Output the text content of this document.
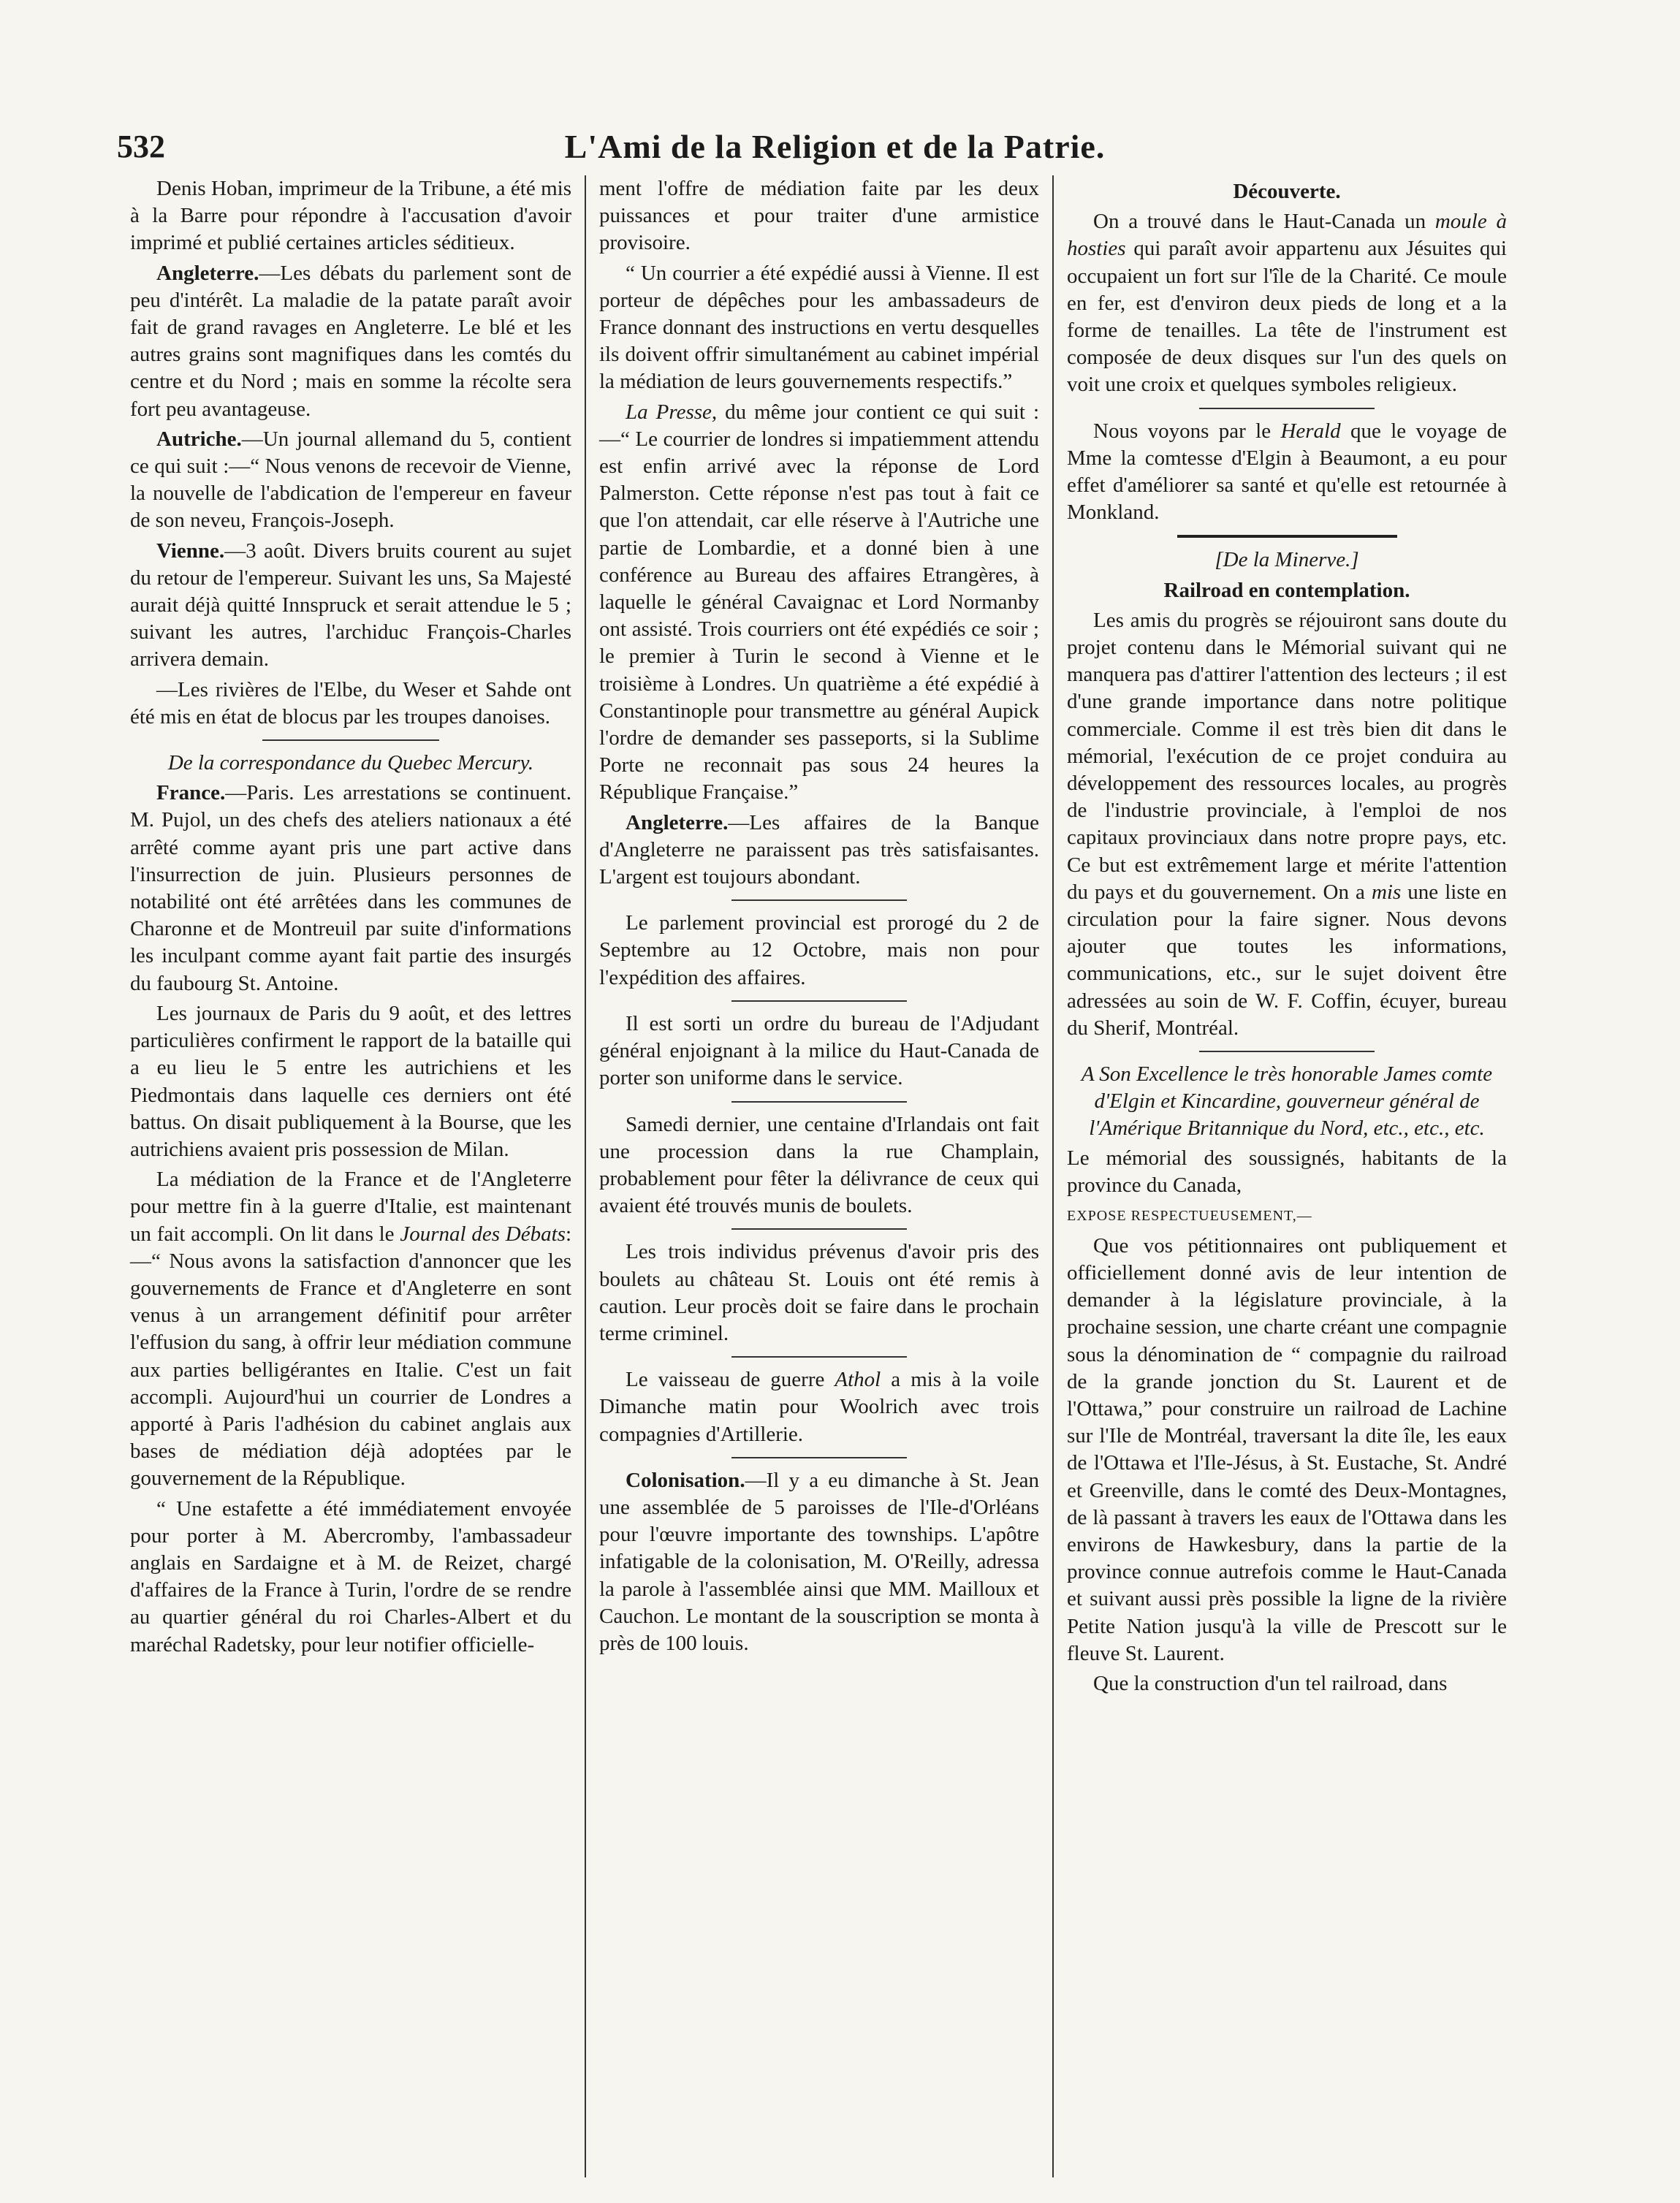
532	L'Ami de la Religion et de la Patrie.

Denis Hoban, imprimeur de la Tribune, a été mis à la Barre pour répondre à l'accusation d'avoir imprimé et publié certaines articles séditieux.

Angleterre.—Les débats du parlement sont de peu d'intérêt. La maladie de la patate paraît avoir fait de grand ravages en Angleterre. Le blé et les autres grains sont magnifiques dans les comtés du centre et du Nord ; mais en somme la récolte sera fort peu avantageuse.

Autriche.—Un journal allemand du 5, contient ce qui suit :—“ Nous venons de recevoir de Vienne, la nouvelle de l'abdication de l'empereur en faveur de son neveu, François-Joseph.

Vienne.—3 août. Divers bruits courent au sujet du retour de l'empereur. Suivant les uns, Sa Majesté aurait déjà quitté Innspruck et serait attendue le 5 ; suivant les autres, l'archiduc François-Charles arrivera demain.

—Les rivières de l'Elbe, du Weser et Sahde ont été mis en état de blocus par les troupes danoises.

De la correspondance du Quebec Mercury.

France.—Paris. Les arrestations se continuent. M. Pujol, un des chefs des ateliers nationaux a été arrêté comme ayant pris une part active dans l'insurrection de juin. Plusieurs personnes de notabilité ont été arrêtées dans les communes de Charonne et de Montreuil par suite d'informations les inculpant comme ayant fait partie des insurgés du faubourg St. Antoine.

Les journaux de Paris du 9 août, et des lettres particulières confirment le rapport de la bataille qui a eu lieu le 5 entre les autrichiens et les Piedmontais dans laquelle ces derniers ont été battus. On disait publiquement à la Bourse, que les autrichiens avaient pris possession de Milan.

La médiation de la France et de l'Angleterre pour mettre fin à la guerre d'Italie, est maintenant un fait accompli. On lit dans le Journal des Débats:—“ Nous avons la satisfaction d'annoncer que les gouvernements de France et d'Angleterre en sont venus à un arrangement définitif pour arrêter l'effusion du sang, à offrir leur médiation commune aux parties belligérantes en Italie. C'est un fait accompli. Aujourd'hui un courrier de Londres a apporté à Paris l'adhésion du cabinet anglais aux bases de médiation déjà adoptées par le gouvernement de la République.

“ Une estafette a été immédiatement envoyée pour porter à M. Abercromby, l'ambassadeur anglais en Sardaigne et à M. de Reizet, chargé d'affaires de la France à Turin, l'ordre de se rendre au quartier général du roi Charles-Albert et du maréchal Radetsky, pour leur notifier officielle-

ment l'offre de médiation faite par les deux puissances et pour traiter d'une armistice provisoire.

“ Un courrier a été expédié aussi à Vienne. Il est porteur de dépêches pour les ambassadeurs de France donnant des instructions en vertu desquelles ils doivent offrir simultanément au cabinet impérial la médiation de leurs gouvernements respectifs.”

La Presse, du même jour contient ce qui suit :—“ Le courrier de londres si impatiemment attendu est enfin arrivé avec la réponse de Lord Palmerston. Cette réponse n'est pas tout à fait ce que l'on attendait, car elle réserve à l'Autriche une partie de Lombardie, et a donné bien à une conférence au Bureau des affaires Etrangères, à laquelle le général Cavaignac et Lord Normanby ont assisté. Trois courriers ont été expédiés ce soir ; le premier à Turin le second à Vienne et le troisième à Londres. Un quatrième a été expédié à Constantinople pour transmettre au général Aupick l'ordre de demander ses passeports, si la Sublime Porte ne reconnait pas sous 24 heures la République Française.”

Angleterre.—Les affaires de la Banque d'Angleterre ne paraissent pas très satisfaisantes. L'argent est toujours abondant.

Le parlement provincial est prorogé du 2 de Septembre au 12 Octobre, mais non pour l'expédition des affaires.

Il est sorti un ordre du bureau de l'Adjudant général enjoignant à la milice du Haut-Canada de porter son uniforme dans le service.

Samedi dernier, une centaine d'Irlandais ont fait une procession dans la rue Champlain, probablement pour fêter la délivrance de ceux qui avaient été trouvés munis de boulets.

Les trois individus prévenus d'avoir pris des boulets au château St. Louis ont été remis à caution. Leur procès doit se faire dans le prochain terme criminel.

Le vaisseau de guerre Athol a mis à la voile Dimanche matin pour Woolrich avec trois compagnies d'Artillerie.

Colonisation.—Il y a eu dimanche à St. Jean une assemblée de 5 paroisses de l'Ile-d'Orléans pour l'œuvre importante des townships. L'apôtre infatigable de la colonisation, M. O'Reilly, adressa la parole à l'assemblée ainsi que MM. Mailloux et Cauchon. Le montant de la souscription se monta à près de 100 louis.

Découverte.

On a trouvé dans le Haut-Canada un moule à hosties qui paraît avoir appartenu aux Jésuites qui occupaient un fort sur l'île de la Charité. Ce moule en fer, est d'environ deux pieds de long et a la forme de tenailles. La tête de l'instrument est composée de deux disques sur l'un des quels on voit une croix et quelques symboles religieux.

Nous voyons par le Herald que le voyage de Mme la comtesse d'Elgin à Beaumont, a eu pour effet d'améliorer sa santé et qu'elle est retournée à Monkland.

[De la Minerve.]

Railroad en contemplation.

Les amis du progrès se réjouiront sans doute du projet contenu dans le Mémorial suivant qui ne manquera pas d'attirer l'attention des lecteurs ; il est d'une grande importance dans notre politique commerciale. Comme il est très bien dit dans le mémorial, l'exécution de ce projet conduira au développement des ressources locales, au progrès de l'industrie provinciale, à l'emploi de nos capitaux provinciaux dans notre propre pays, etc. Ce but est extrêmement large et mérite l'attention du pays et du gouvernement. On a mis une liste en circulation pour la faire signer. Nous devons ajouter que toutes les informations, communications, etc., sur le sujet doivent être adressées au soin de W. F. Coffin, écuyer, bureau du Sherif, Montréal.

A Son Excellence le très honorable James comte d'Elgin et Kincardine, gouverneur général de l'Amérique Britannique du Nord, etc., etc., etc.

Le mémorial des soussignés, habitants de la province du Canada,

EXPOSE RESPECTUEUSEMENT,—

Que vos pétitionnaires ont publiquement et officiellement donné avis de leur intention de demander à la législature provinciale, à la prochaine session, une charte créant une compagnie sous la dénomination de “ compagnie du railroad de la grande jonction du St. Laurent et de l'Ottawa,” pour construire un railroad de Lachine sur l'Ile de Montréal, traversant la dite île, les eaux de l'Ottawa et l'Ile-Jésus, à St. Eustache, St. André et Greenville, dans le comté des Deux-Montagnes, de là passant à travers les eaux de l'Ottawa dans les environs de Hawkesbury, dans la partie de la province connue autrefois comme le Haut-Canada et suivant aussi près possible la ligne de la rivière Petite Nation jusqu'à la ville de Prescott sur le fleuve St. Laurent.

Que la construction d'un tel railroad, dans
